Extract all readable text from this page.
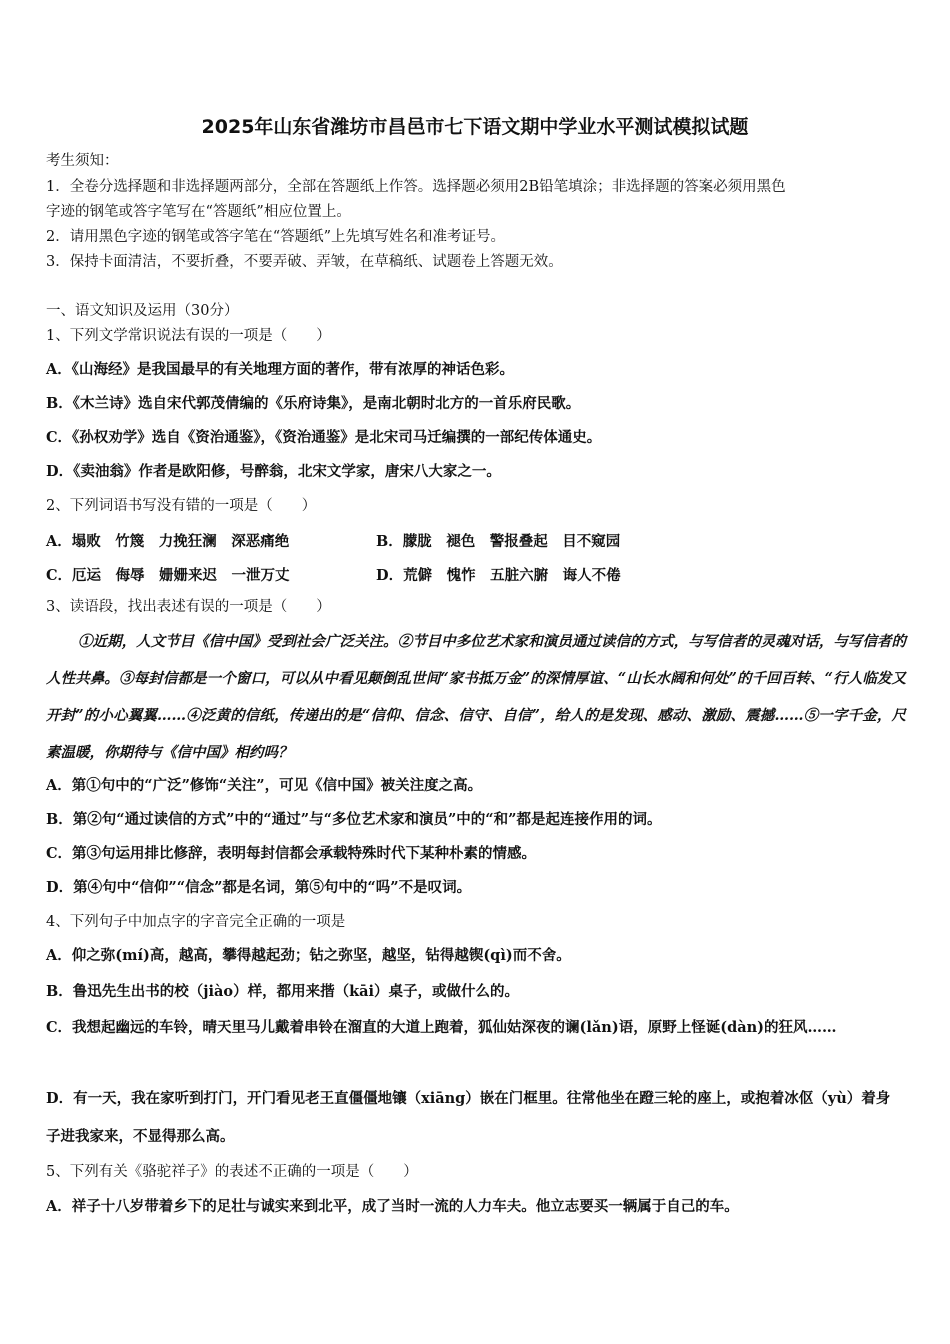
2025年山东省潍坊市昌邑市七下语文期中学业水平测试模拟试题
考生须知：
1．全卷分选择题和非选择题两部分，全部在答题纸上作答。选择题必须用2B铅笔填涂；非选择题的答案必须用黑色
字迹的钢笔或答字笔写在“答题纸”相应位置上。
2．请用黑色字迹的钢笔或答字笔在“答题纸”上先填写姓名和准考证号。
3．保持卡面清洁，不要折叠，不要弄破、弄皱，在草稿纸、试题卷上答题无效。
一、语文知识及运用（30分）
1、下列文学常识说法有误的一项是（　　）
A．《山海经》是我国最早的有关地理方面的著作，带有浓厚的神话色彩。
B．《木兰诗》选自宋代郭茂倩编的《乐府诗集》，是南北朝时北方的一首乐府民歌。
C．《孙权劝学》选自《资治通鉴》，《资治通鉴》是北宋司马迁编撰的一部纪传体通史。
D．《卖油翁》作者是欧阳修，号醉翁，北宋文学家，唐宋八大家之一。
2、下列词语书写没有错的一项是（　　）
A．塌败　竹篾　力挽狂澜　深恶痛绝	B．朦胧　褪色　警报叠起　目不窥园
C．厄运　侮辱　姗姗来迟　一泄万丈	D．荒僻　愧怍　五脏六腑　诲人不倦
3、读语段，找出表述有误的一项是（　　）
①近期，人文节目《信中国》受到社会广泛关注。②节目中多位艺术家和演员通过读信的方式，与写信者的灵魂对话，与写信者的人性共鼻。③每封信都是一个窗口，可以从中看见颠倒乱世间“家书抵万金”的深情厚谊、“山长水阔和何处”的千回百转、“行人临发又开封”的小心翼翼……④泛黄的信纸，传递出的是“信仰、信念、信守、自信”，给人的是发现、感动、激励、震撼……⑤一字千金，尺素温暖，你期待与《信中国》相约吗？
A．第①句中的“广泛”修饰“关注”，可见《信中国》被关注度之高。
B．第②句“通过读信的方式”中的“通过”与“多位艺术家和演员”中的“和”都是起连接作用的词。
C．第③句运用排比修辞，表明每封信都会承载特殊时代下某种朴素的情感。
D．第④句中“信仰”“信念”都是名词，第⑤句中的“吗”不是叹词。
4、下列句子中加点字的字音完全正确的一项是
A．仰之弥(mí)高，越高，攀得越起劲；钻之弥坚，越坚，钻得越锲(qì)而不舍。
B．鲁迅先生出书的校（jiào）样，都用来揩（kāi）桌子，或做什么的。
C．我想起幽远的车铃，晴天里马儿戴着串铃在溜直的大道上跑着，狐仙姑深夜的谰(lǎn)语，原野上怪诞(dàn)的狂风……
D．有一天，我在家听到打门，开门看见老王直僵僵地镶（xiāng）嵌在门框里。往常他坐在蹬三轮的座上，或抱着冰伛（yù）着身子进我家来，不显得那么高。
5、下列有关《骆驼祥子》的表述不正确的一项是（　　）
A．祥子十八岁带着乡下的足壮与诚实来到北平，成了当时一流的人力车夫。他立志要买一辆属于自己的车。
